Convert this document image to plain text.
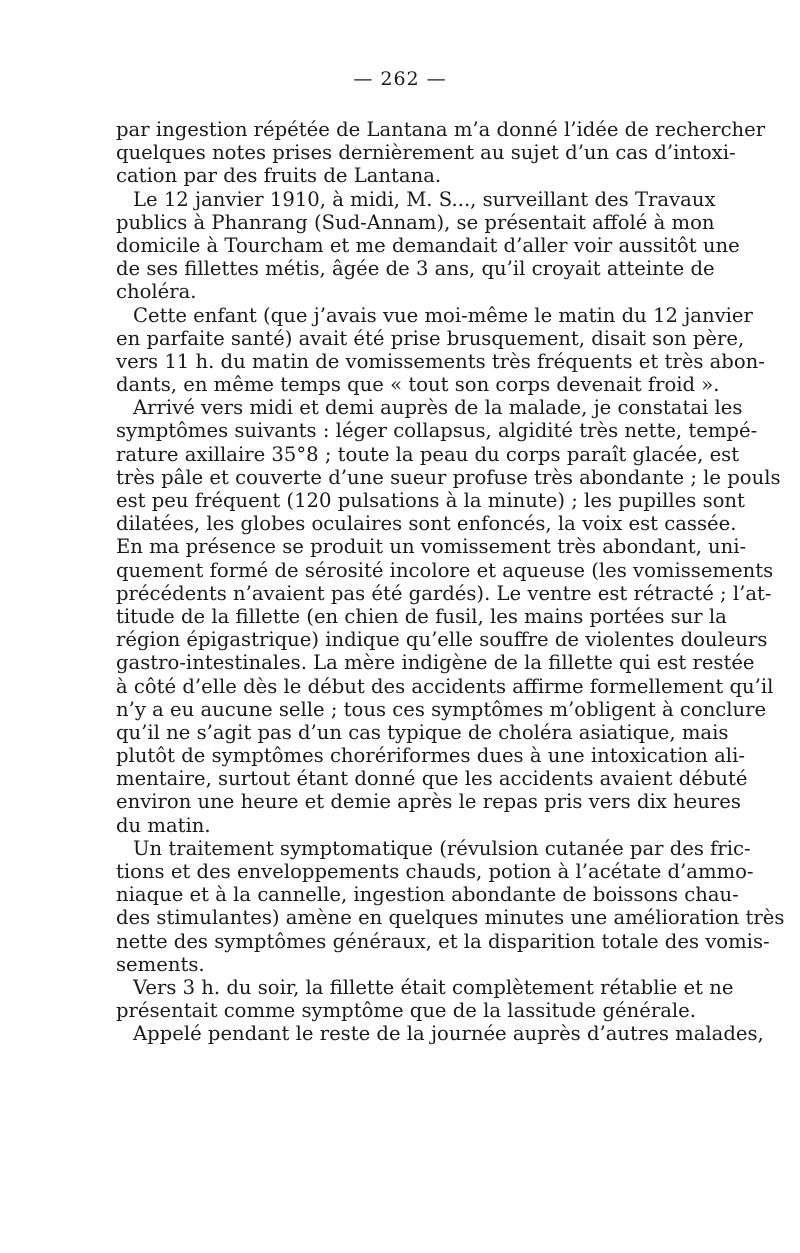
— 262 —
par ingestion répétée de Lantana m’a donné l’idée de rechercher
quelques notes prises dernièrement au sujet d’un cas d’intoxi-
cation par des fruits de Lantana.
Le 12 janvier 1910, à midi, M. S..., surveillant des Travaux
publics à Phanrang (Sud-Annam), se présentait affolé à mon
domicile à Tourcham et me demandait d’aller voir aussitôt une
de ses fillettes métis, âgée de 3 ans, qu’il croyait atteinte de
choléra.
Cette enfant (que j’avais vue moi-même le matin du 12 janvier
en parfaite santé) avait été prise brusquement, disait son père,
vers 11 h. du matin de vomissements très fréquents et très abon-
dants, en même temps que « tout son corps devenait froid ».
Arrivé vers midi et demi auprès de la malade, je constatai les
symptômes suivants : léger collapsus, algidité très nette, tempé-
rature axillaire 35°8 ; toute la peau du corps paraît glacée, est
très pâle et couverte d’une sueur profuse très abondante ; le pouls
est peu fréquent (120 pulsations à la minute) ; les pupilles sont
dilatées, les globes oculaires sont enfoncés, la voix est cassée.
En ma présence se produit un vomissement très abondant, uni-
quement formé de sérosité incolore et aqueuse (les vomissements
précédents n’avaient pas été gardés). Le ventre est rétracté ; l’at-
titude de la fillette (en chien de fusil, les mains portées sur la
région épigastrique) indique qu’elle souffre de violentes douleurs
gastro-intestinales. La mère indigène de la fillette qui est restée
à côté d’elle dès le début des accidents affirme formellement qu’il
n’y a eu aucune selle ; tous ces symptômes m’obligent à conclure
qu’il ne s’agit pas d’un cas typique de choléra asiatique, mais
plutôt de symptômes chorériformes dues à une intoxication ali-
mentaire, surtout étant donné que les accidents avaient débuté
environ une heure et demie après le repas pris vers dix heures
du matin.
Un traitement symptomatique (révulsion cutanée par des fric-
tions et des enveloppements chauds, potion à l’acétate d’ammo-
niaque et à la cannelle, ingestion abondante de boissons chau-
des stimulantes) amène en quelques minutes une amélioration très
nette des symptômes généraux, et la disparition totale des vomis-
sements.
Vers 3 h. du soir, la fillette était complètement rétablie et ne
présentait comme symptôme que de la lassitude générale.
Appelé pendant le reste de la journée auprès d’autres malades,
